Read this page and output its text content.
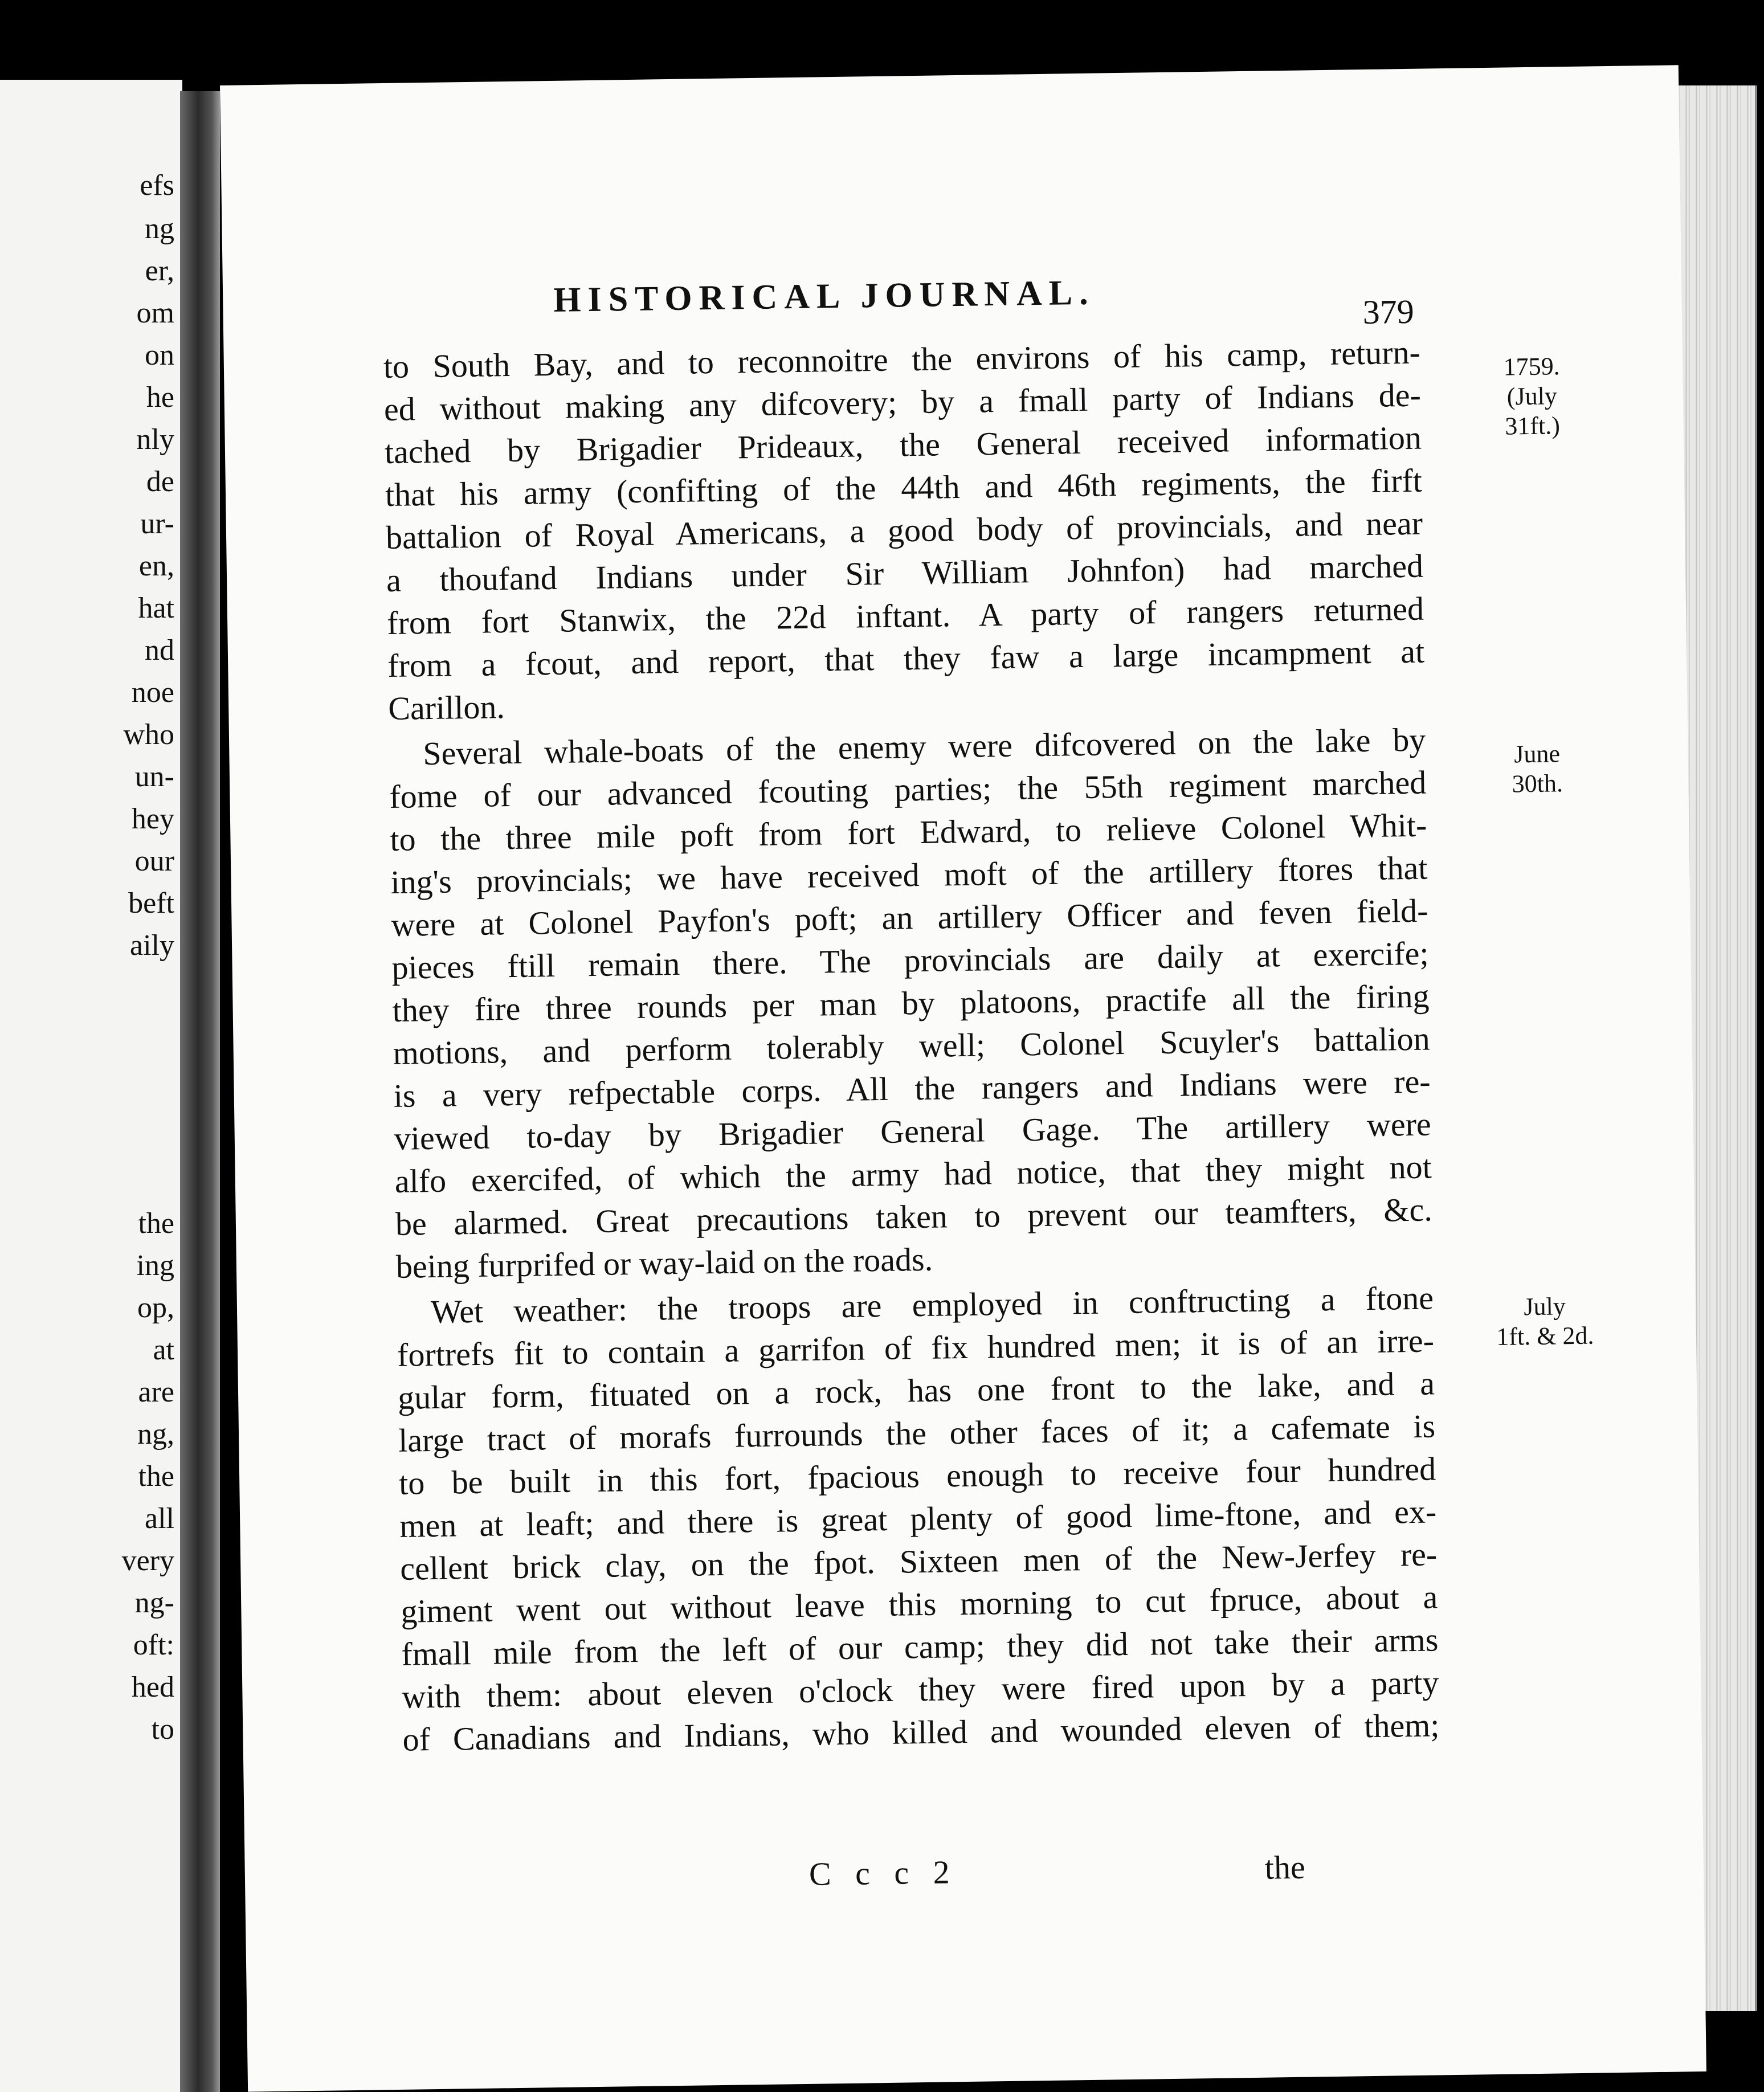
efs
ng
er,
om
on
he
nly
de
ur-
en,
hat
nd
noe
who
un-
hey
our
beft
aily
the
ing
op,
at
are
ng,
the
all
very
ng-
oft:
hed
to
HISTORICAL JOURNAL.	379
to South Bay, and to reconnoitre the environs of his camp, return-
ed without making any difcovery; by a fmall party of Indians de-
tached by Brigadier Prideaux, the General received information
that his army (confifting of the 44th and 46th regiments, the firft
battalion of Royal Americans, a good body of provincials, and near
a thoufand Indians under Sir William Johnfon) had marched
from fort Stanwix, the 22d inftant. A party of rangers returned
from a fcout, and report, that they faw a large incampment at
Carillon.
Several whale-boats of the enemy were difcovered on the lake by
fome of our advanced fcouting parties; the 55th regiment marched
to the three mile poft from fort Edward, to relieve Colonel Whit-
ing's provincials; we have received moft of the artillery ftores that
were at Colonel Payfon's poft; an artillery Officer and feven field-
pieces ftill remain there. The provincials are daily at exercife;
they fire three rounds per man by platoons, practife all the firing
motions, and perform tolerably well; Colonel Scuyler's battalion
is a very refpectable corps. All the rangers and Indians were re-
viewed to-day by Brigadier General Gage. The artillery were
alfo exercifed, of which the army had notice, that they might not
be alarmed. Great precautions taken to prevent our teamfters, &c.
being furprifed or way-laid on the roads.
Wet weather: the troops are employed in conftructing a ftone
fortrefs fit to contain a garrifon of fix hundred men; it is of an irre-
gular form, fituated on a rock, has one front to the lake, and a
large tract of morafs furrounds the other faces of it; a cafemate is
to be built in this fort, fpacious enough to receive four hundred
men at leaft; and there is great plenty of good lime-ftone, and ex-
cellent brick clay, on the fpot. Sixteen men of the New-Jerfey re-
giment went out without leave this morning to cut fpruce, about a
fmall mile from the left of our camp; they did not take their arms
with them: about eleven o'clock they were fired upon by a party
of Canadians and Indians, who killed and wounded eleven of them;
1759.
(July
31ft.)
June
30th.
July
1ft. & 2d.
C c c 2	the
